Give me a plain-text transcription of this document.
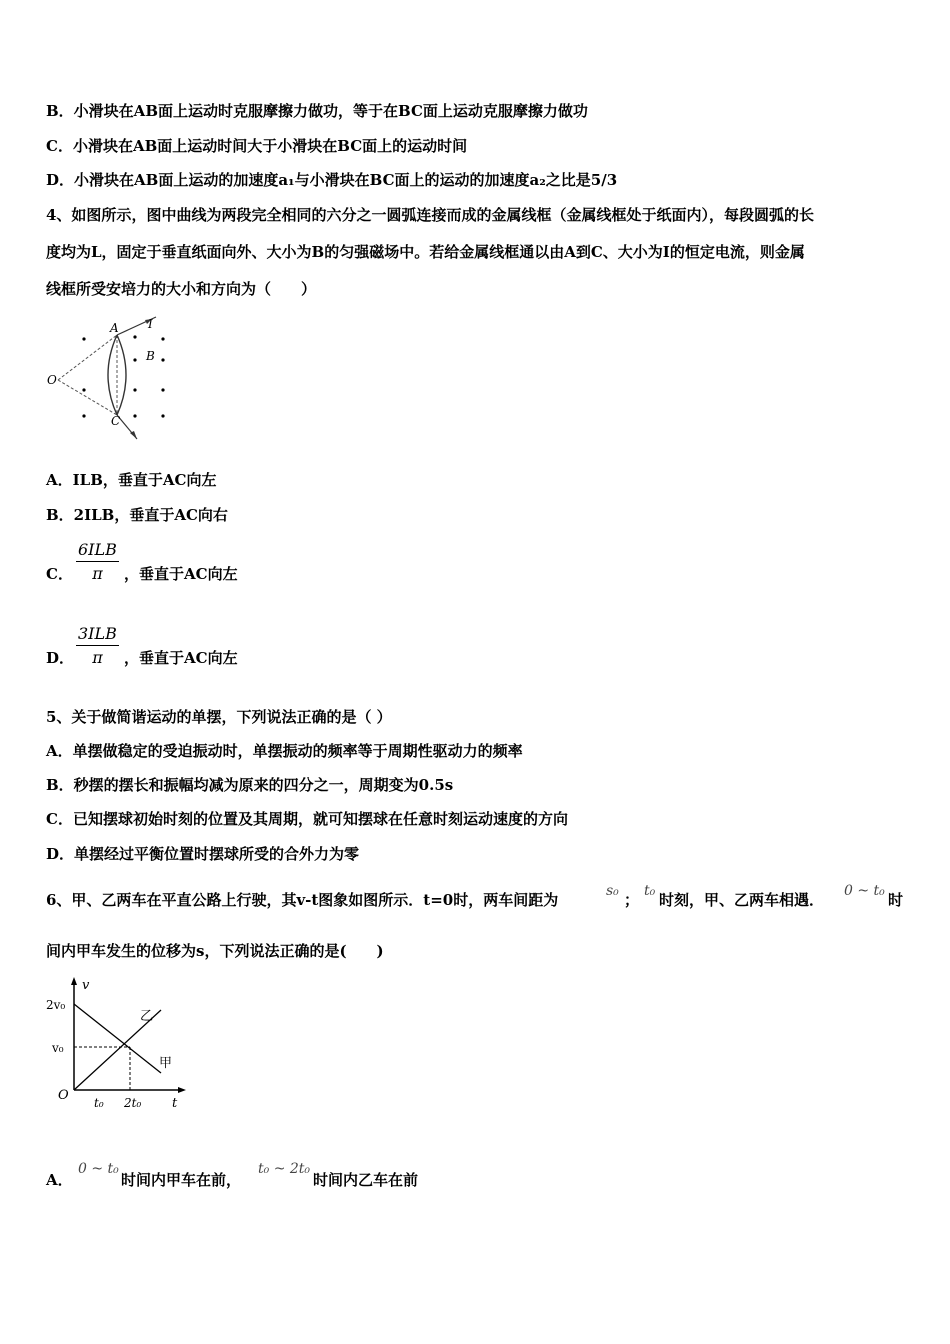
B．小滑块在AB面上运动时克服摩擦力做功，等于在BC面上运动克服摩擦力做功
C．小滑块在AB面上运动时间大于小滑块在BC面上的运动时间
D．小滑块在AB面上运动的加速度a₁与小滑块在BC面上的运动的加速度a₂之比是5/3
4、如图所示，图中曲线为两段完全相同的六分之一圆弧连接而成的金属线框（金属线框处于纸面内），每段圆弧的长
度均为L，固定于垂直纸面向外、大小为B的匀强磁场中。若给金属线框通以由A到C、大小为I的恒定电流，则金属
线框所受安培力的大小和方向为（　　）
O
A
B
C
I
A．ILB，垂直于AC向左
B．2ILB，垂直于AC向右
C．
6ILB
π	，垂直于AC向左
D．
3ILB
π	，垂直于AC向左
5、关于做简谐运动的单摆，下列说法正确的是（ ）
A．单摆做稳定的受迫振动时，单摆振动的频率等于周期性驱动力的频率
B．秒摆的摆长和振幅均减为原来的四分之一，周期变为0.5s
C．已知摆球初始时刻的位置及其周期，就可知摆球在任意时刻运动速度的方向
D．单摆经过平衡位置时摆球所受的合外力为零
6、甲、乙两车在平直公路上行驶，其v-t图象如图所示．t=0时，两车间距为	s₀ ； t₀ 时刻，甲、乙两车相遇． 0 ~ t₀ 时
间内甲车发生的位移为s，下列说法正确的是(　　)
v
t
O
2v₀
v₀
t₀ 2t₀
乙
甲
A．
0 ~ t₀
时间内甲车在前，
t₀ ~ 2t₀
时间内乙车在前
